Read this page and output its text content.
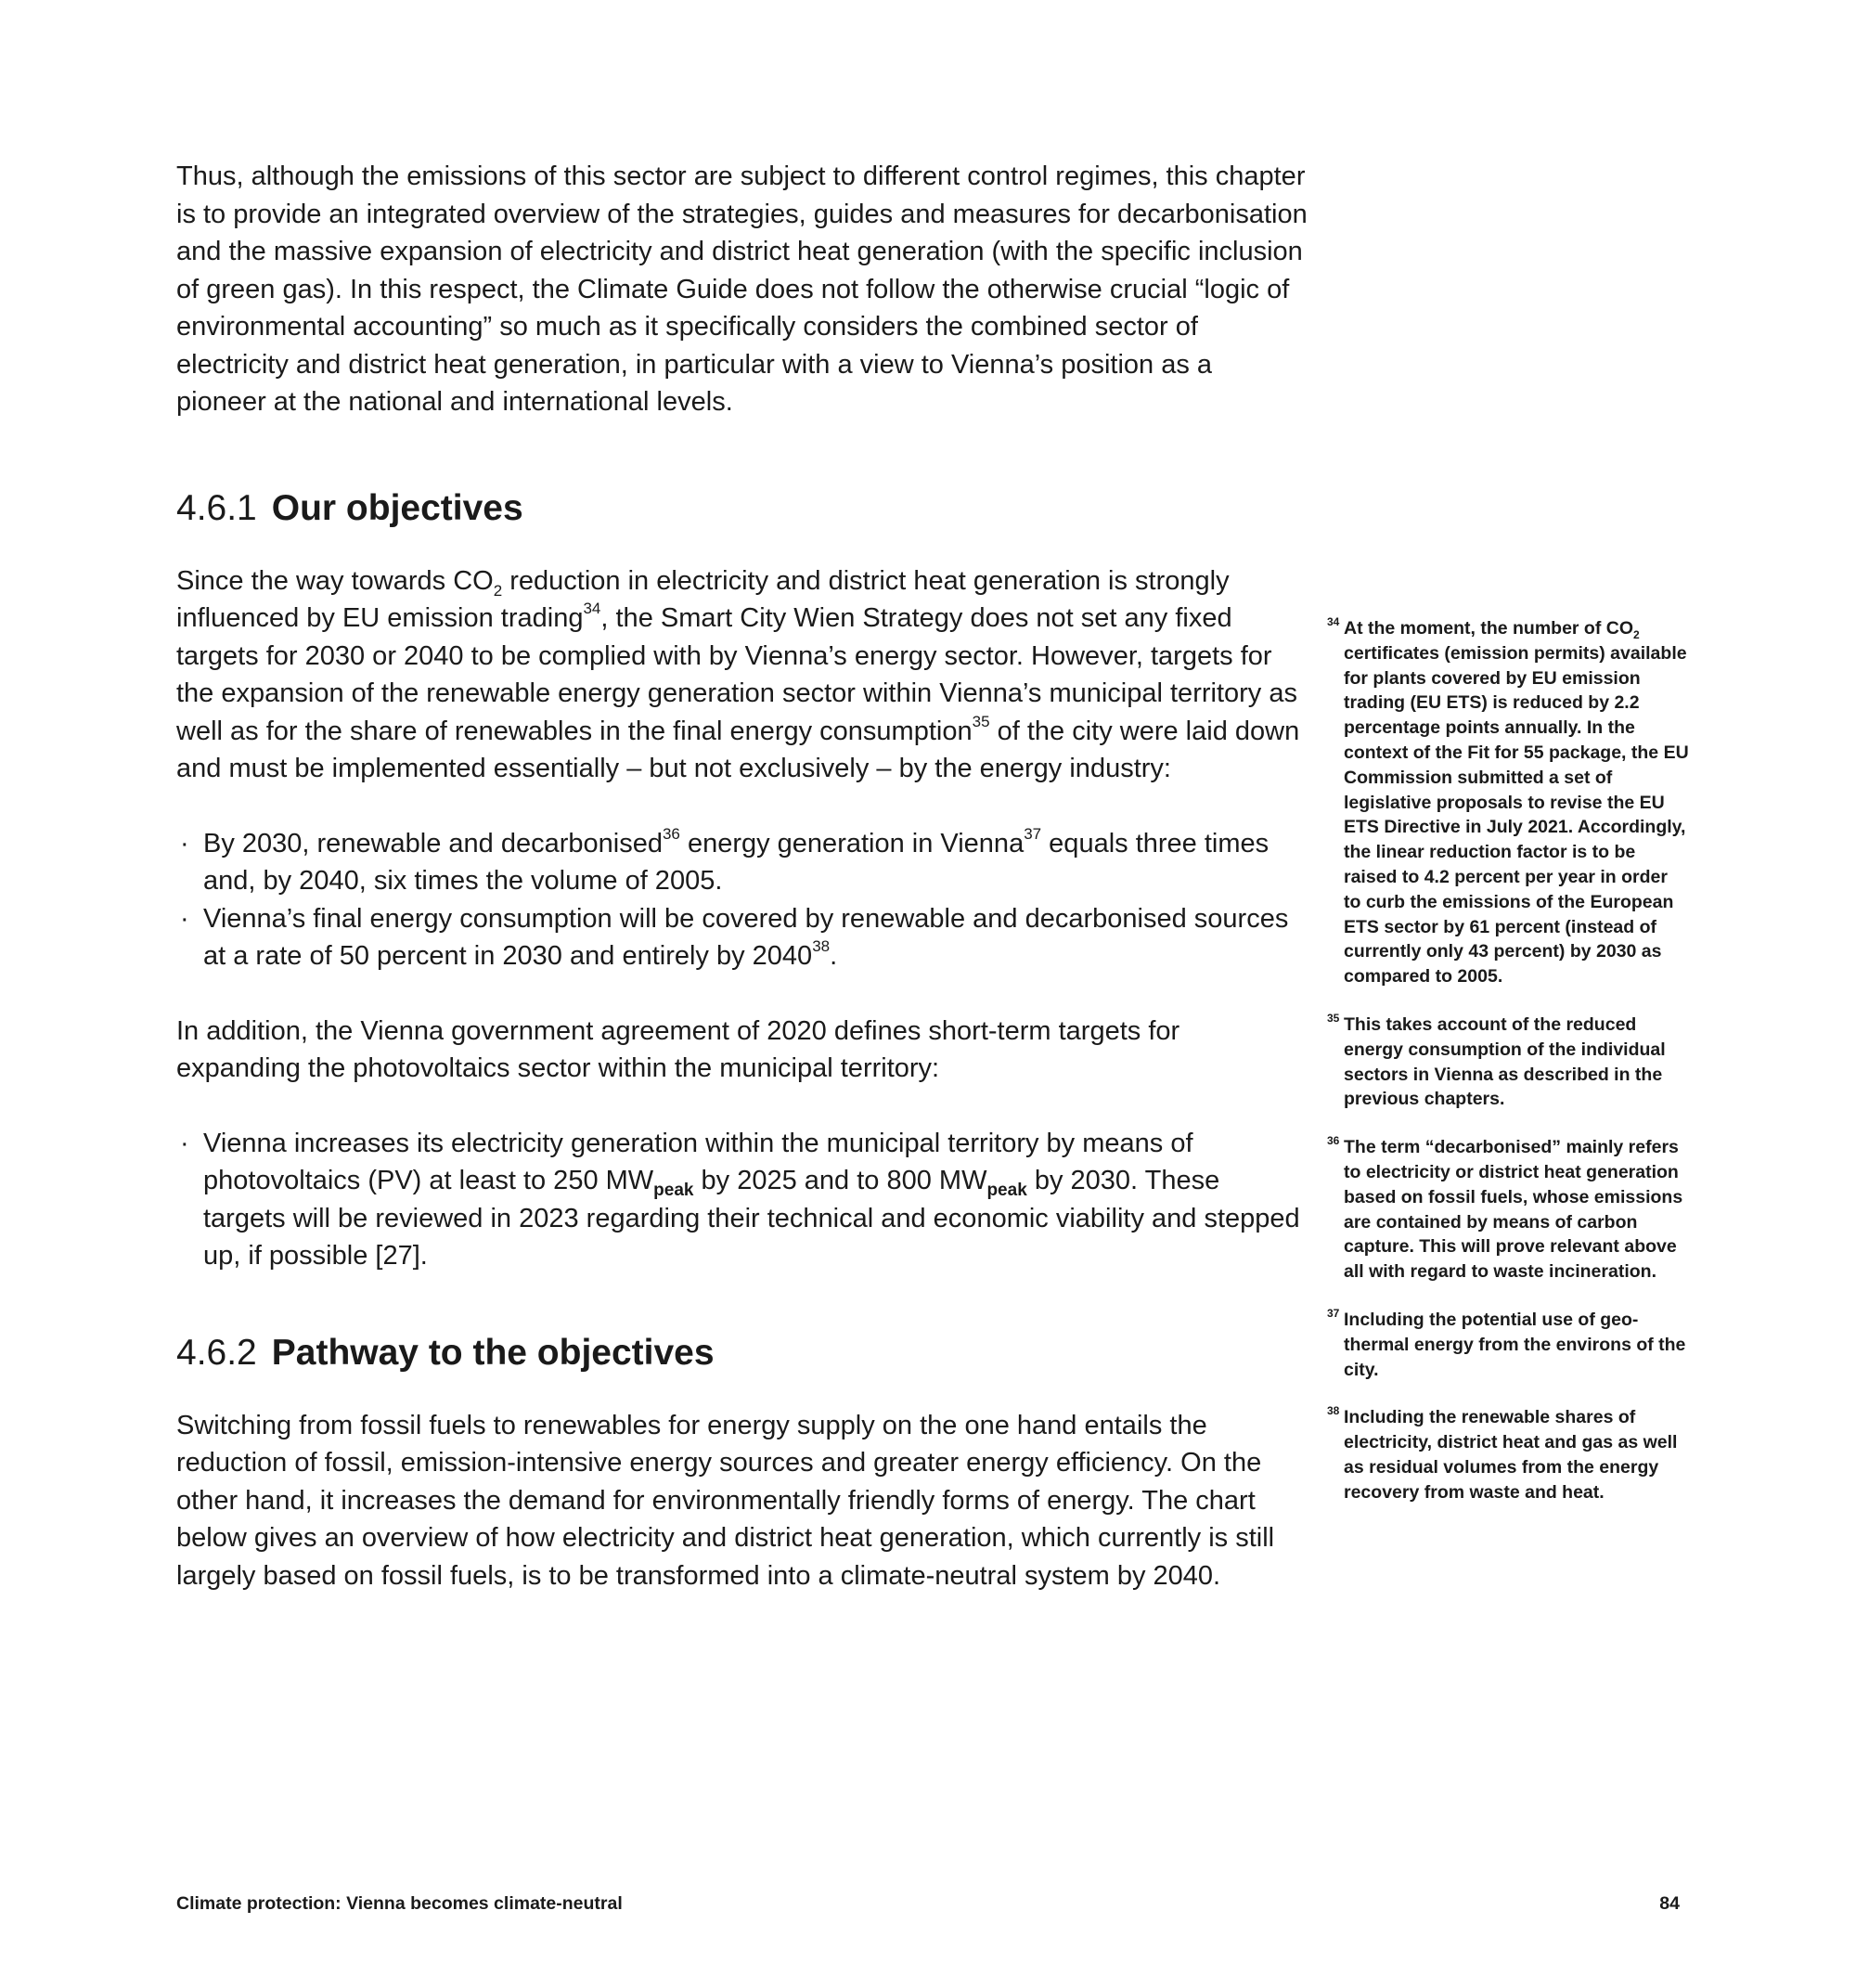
Thus, although the emissions of this sector are subject to different control regimes, this chapter is to provide an integrated overview of the strategies, guides and measures for decarbonisation and the massive expansion of electricity and district heat generation (with the specific inclusion of green gas). In this respect, the Climate Guide does not follow the otherwise crucial “logic of environmental accounting” so much as it specifically considers the combined sector of electricity and district heat generation, in particular with a view to Vienna’s position as a pioneer at the national and international levels.

4.6.1 Our objectives

Since the way towards $CO_2$ reduction in electricity and district heat generation is strongly influenced by EU emission trading$^{34}$, the Smart City Wien Strategy does not set any fixed targets for 2030 or 2040 to be complied with by Vienna’s energy sector. However, targets for the expansion of the renewable energy generation sector within Vienna’s municipal territory as well as for the share of renewables in the final energy consumption$^{35}$ of the city were laid down and must be implemented essentially – but not exclusively – by the energy industry:

· By 2030, renewable and decarbonised$^{36}$ energy generation in Vienna$^{37}$ equals three times and, by 2040, six times the volume of 2005.
· Vienna’s final energy consumption will be covered by renewable and decarbonised sources at a rate of 50 percent in 2030 and entirely by 2040$^{38}$.

In addition, the Vienna government agreement of 2020 defines short-term targets for expanding the photovoltaics sector within the municipal territory:

· Vienna increases its electricity generation within the municipal territory by means of photovoltaics (PV) at least to 250 $MW_{peak}$ by 2025 and to 800 $MW_{peak}$ by 2030. These targets will be reviewed in 2023 regarding their technical and economic viability and stepped up, if possible [27].
4.6.2 Pathway to the objectives

Switching from fossil fuels to renewables for energy supply on the one hand entails the reduction of fossil, emission-intensive energy sources and greater energy efficiency. On the other hand, it increases the demand for environmentally friendly forms of energy. The chart below gives an overview of how electricity and district heat generation, which currently is still largely based on fossil fuels, is to be transformed into a climate-neutral system by 2040.

34 At the moment, the number of $CO_2$ certificates (emission permits) available for plants covered by EU emission trading (EU ETS) is reduced by 2.2 percentage points annually. In the context of the Fit for 55 package, the EU Commission submitted a set of legislative proposals to revise the EU ETS Directive in July 2021. Accordingly, the linear reduction factor is to be raised to 4.2 percent per year in order to curb the emissions of the European ETS sector by 61 percent (instead of currently only 43 percent) by 2030 as compared to 2005.
35 This takes account of the reduced energy consumption of the individual sectors in Vienna as described in the previous chapters.
36 The term “decarbonised” mainly refers to electricity or district heat generation based on fossil fuels, whose emissions are contained by means of carbon capture. This will prove relevant above all with regard to waste incineration.
37 Including the potential use of geothermal energy from the environs of the city.
38 Including the renewable shares of electricity, district heat and gas as well as residual volumes from the energy recovery from waste and heat.
Climate protection: Vienna becomes climate-neutral	84
